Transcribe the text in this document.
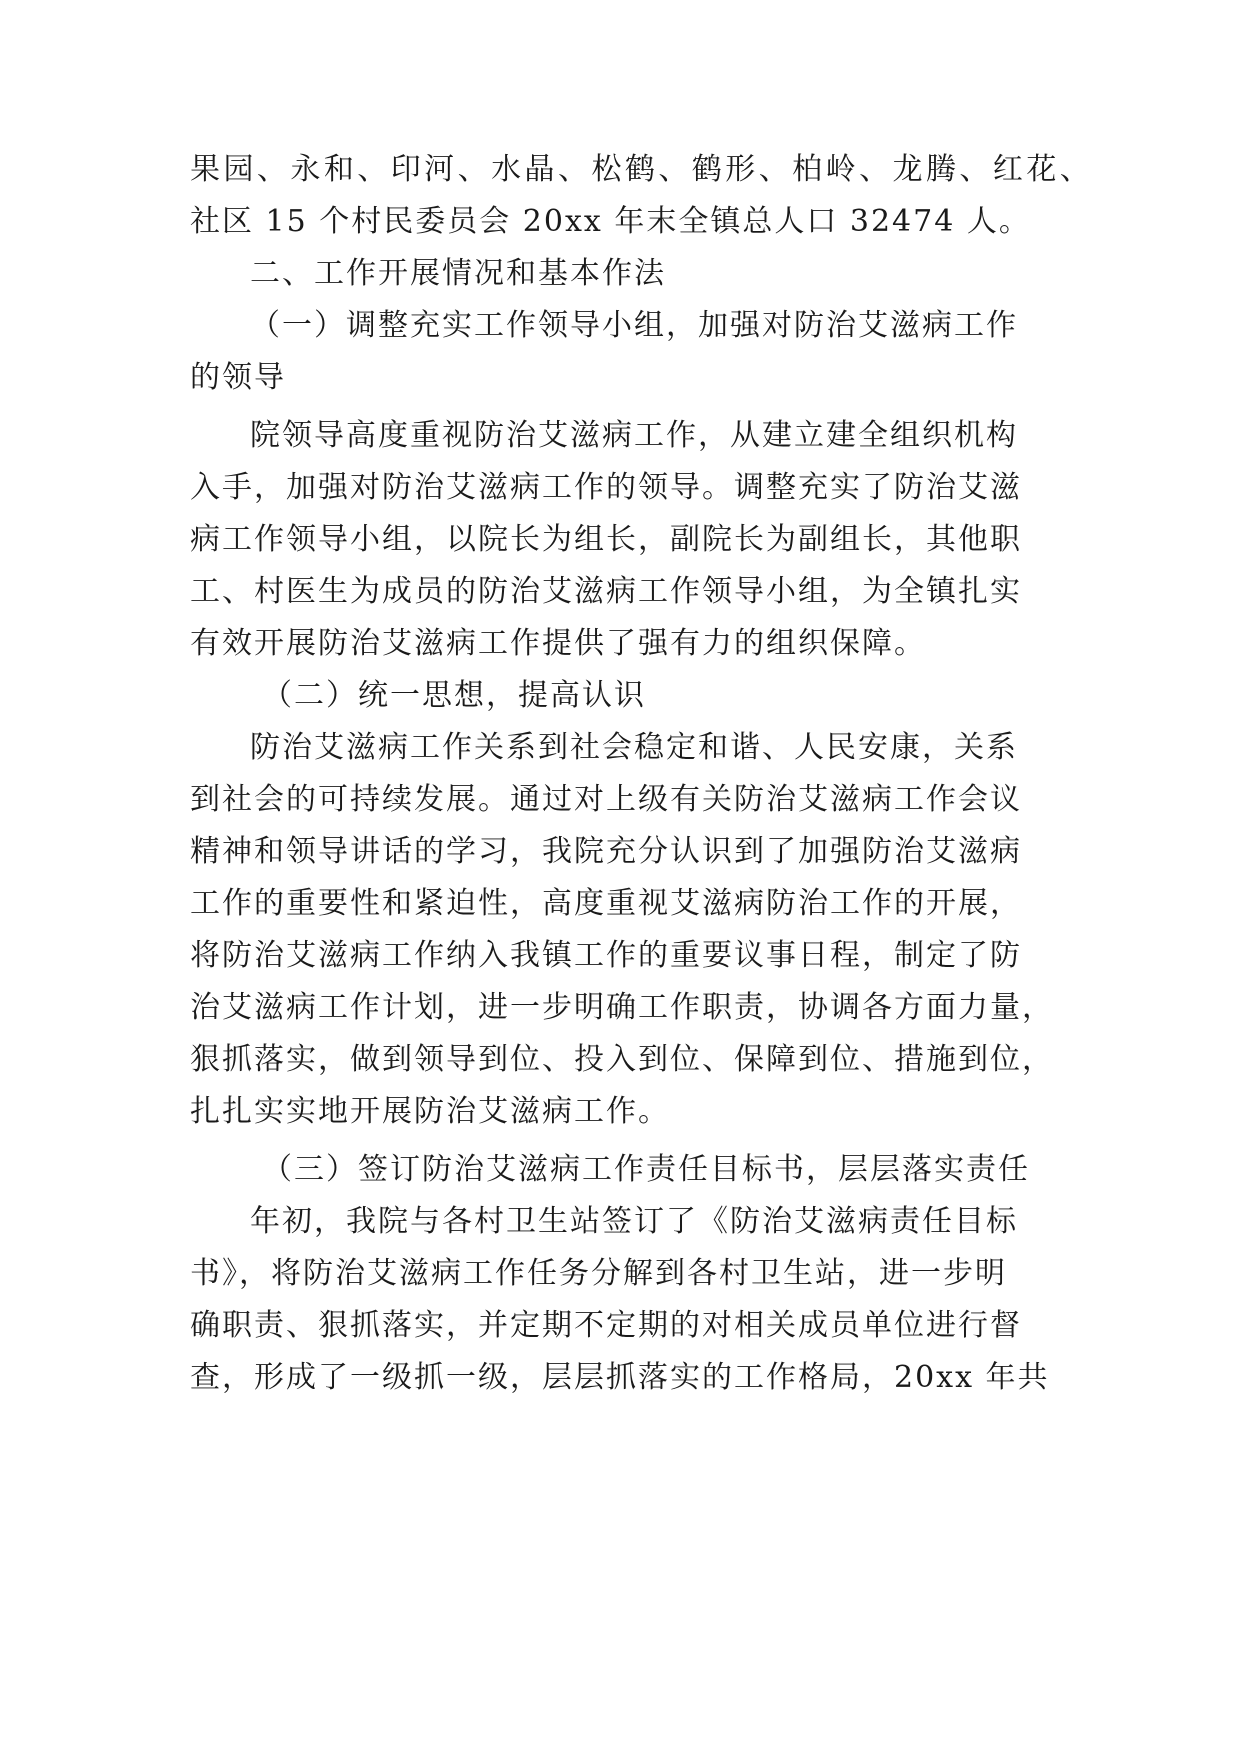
果 园 、 永 和 、 印 河 、 水 晶 、 松 鹤 、 鹤 形 、 柏 岭 、 龙 腾 、 红 花 、
社区 15 个村民委员会 20xx 年末全镇总人口 32474 人。
二、工作开展情况和基本作法
（一）调整充实工作领导小组，加强对防治艾滋病工作
的领导
院领导高度重视防治艾滋病工作，从建立建全组织机构
入手，加强对防治艾滋病工作的领导。调整充实了防治艾滋
病工作领导小组，以院长为组长，副院长为副组长，其他职
工、村医生为成员的防治艾滋病工作领导小组，为全镇扎实
有效开展防治艾滋病工作提供了强有力的组织保障。
（二）统一思想，提高认识
防治艾滋病工作关系到社会稳定和谐、人民安康，关系
到社会的可持续发展。通过对上级有关防治艾滋病工作会议
精神和领导讲话的学习，我院充分认识到了加强防治艾滋病
工作的重要性和紧迫性，高度重视艾滋病防治工作的开展，
将防治艾滋病工作纳入我镇工作的重要议事日程，制定了防
治艾滋病工作计划，进一步明确工作职责，协调各方面力量，
狠抓落实，做到领导到位、投入到位、保障到位、措施到位，
扎扎实实地开展防治艾滋病工作。
（三）签订防治艾滋病工作责任目标书，层层落实责任
年初，我院与各村卫生站签订了《防治艾滋病责任目标
书》，将防治艾滋病工作任务分解到各村卫生站，进一步明
确职责、狠抓落实，并定期不定期的对相关成员单位进行督
查，形成了一级抓一级，层层抓落实的工作格局，20xx 年共
